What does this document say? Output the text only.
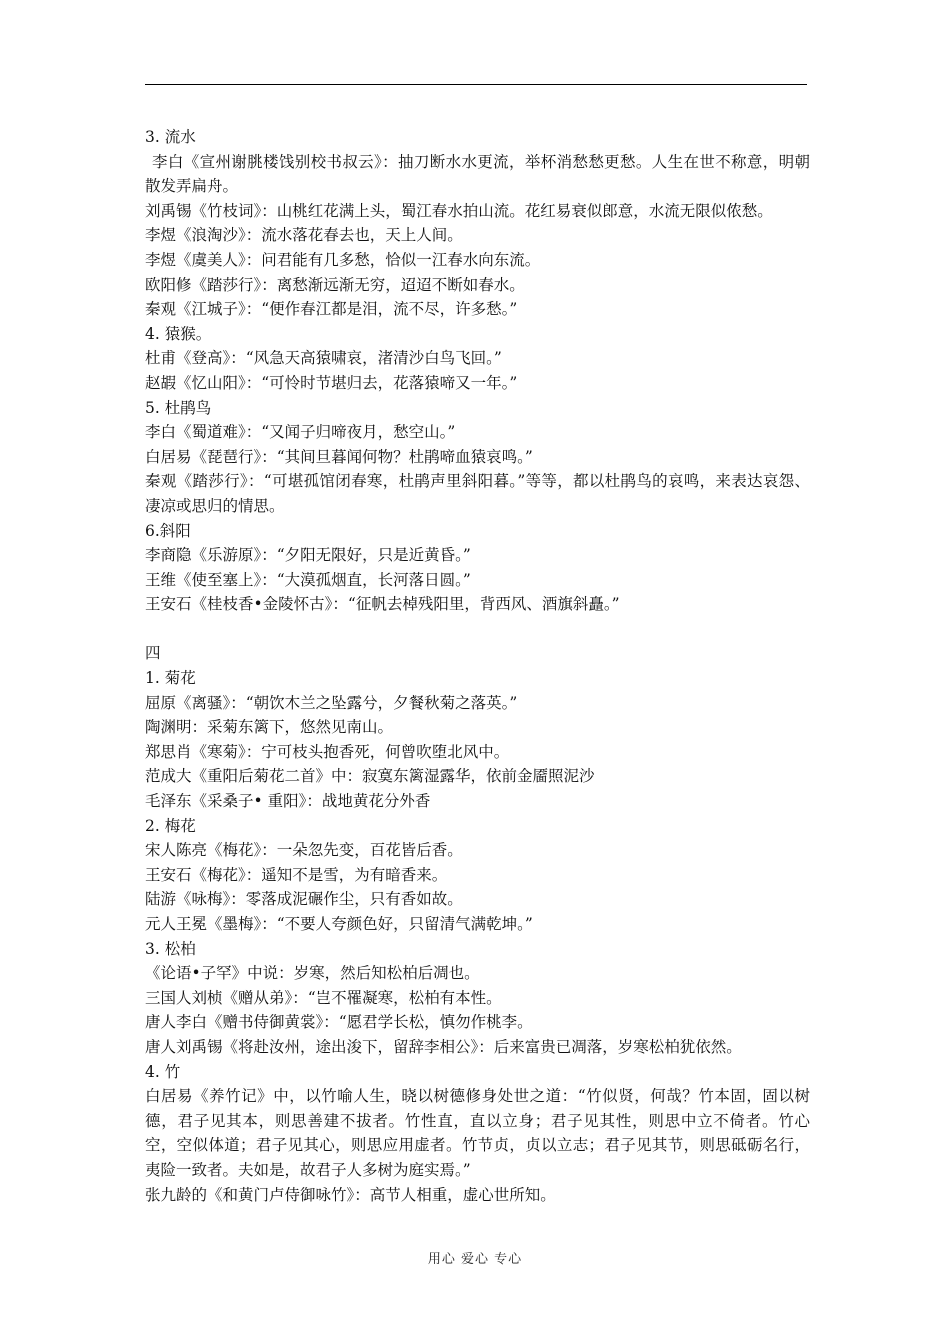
3. 流水
李白《宣州谢朓楼饯别校书叔云》：抽刀断水水更流，举杯消愁愁更愁。人生在世不称意，明朝散发弄扁舟。
刘禹锡《竹枝词》：山桃红花满上头，蜀江春水拍山流。花红易衰似郎意，水流无限似侬愁。
李煜《浪淘沙》：流水落花春去也，天上人间。
李煜《虞美人》：问君能有几多愁，恰似一江春水向东流。
欧阳修《踏莎行》：离愁渐远渐无穷，迢迢不断如春水。
秦观《江城子》：“便作春江都是泪，流不尽，许多愁。”
4. 猿猴。
杜甫《登高》：“风急天高猿啸哀，渚清沙白鸟飞回。”
赵嘏《忆山阳》：“可怜时节堪归去，花落猿啼又一年。”
5. 杜鹃鸟
李白《蜀道难》：“又闻子归啼夜月，愁空山。”
白居易《琵琶行》：“其间旦暮闻何物？杜鹃啼血猿哀鸣。”
秦观《踏莎行》：“可堪孤馆闭春寒，杜鹃声里斜阳暮。”等等，都以杜鹃鸟的哀鸣，来表达哀怨、凄凉或思归的情思。
6.斜阳
李商隐《乐游原》：“夕阳无限好，只是近黄昏。”
王维《使至塞上》：“大漠孤烟直，长河落日圆。”
王安石《桂枝香•金陵怀古》：“征帆去棹残阳里，背西风、酒旗斜矗。”
四
1. 菊花
屈原《离骚》：“朝饮木兰之坠露兮，夕餐秋菊之落英。”
陶渊明：采菊东篱下，悠然见南山。
郑思肖《寒菊》：宁可枝头抱香死，何曾吹堕北风中。
范成大《重阳后菊花二首》中：寂寞东篱湿露华，依前金靥照泥沙
毛泽东《采桑子• 重阳》：战地黄花分外香
2. 梅花
宋人陈亮《梅花》：一朵忽先变，百花皆后香。
王安石《梅花》：遥知不是雪，为有暗香来。
陆游《咏梅》：零落成泥碾作尘，只有香如故。
元人王冕《墨梅》：“不要人夸颜色好，只留清气满乾坤。”
3. 松柏
《论语•子罕》中说：岁寒，然后知松柏后凋也。
三国人刘桢《赠从弟》：“岂不罹凝寒，松柏有本性。
唐人李白《赠书侍御黄裳》：“愿君学长松，慎勿作桃李。
唐人刘禹锡《将赴汝州，途出浚下，留辞李相公》：后来富贵已凋落，岁寒松柏犹依然。
4. 竹
白居易《养竹记》中，以竹喻人生，晓以树德修身处世之道：“竹似贤，何哉？竹本固，固以树德，君子见其本，则思善建不拔者。竹性直，直以立身；君子见其性，则思中立不倚者。竹心空，空似体道；君子见其心，则思应用虚者。竹节贞，贞以立志；君子见其节，则思砥砺名行，夷险一致者。夫如是，故君子人多树为庭实焉。”
张九龄的《和黄门卢侍御咏竹》：高节人相重，虚心世所知。
用心 爱心 专心
